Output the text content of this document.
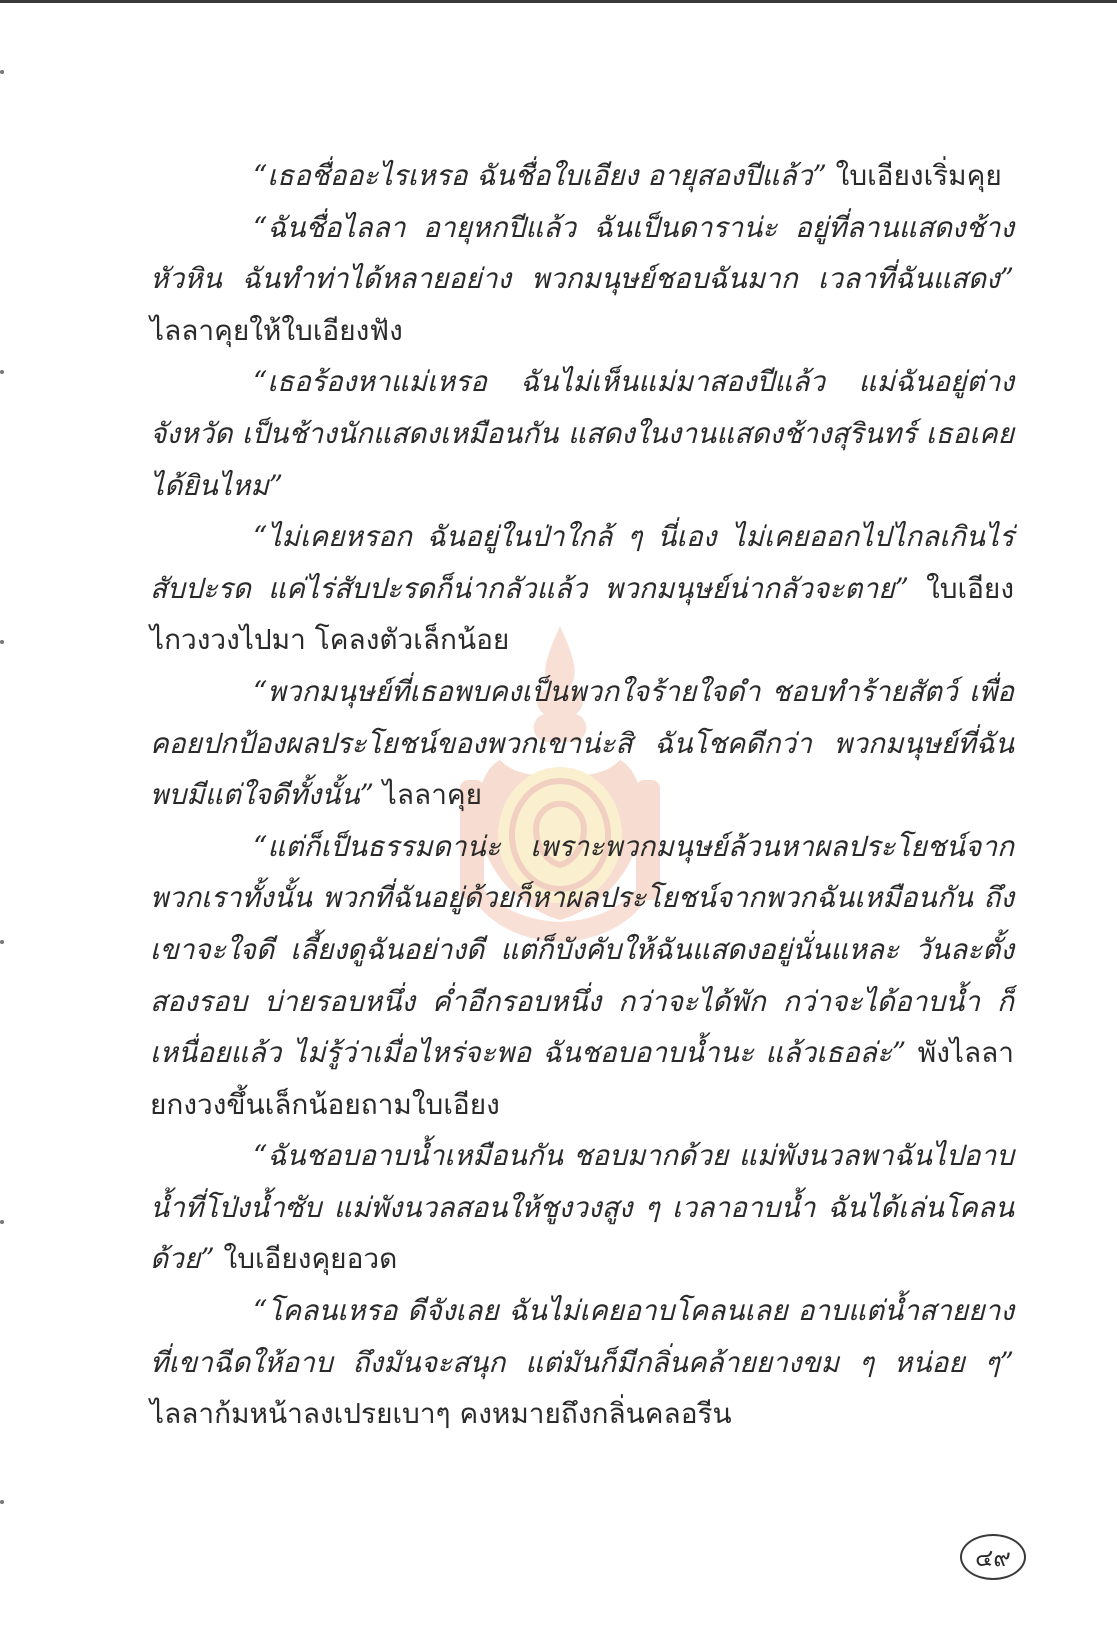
“เธอชื่ออะไรเหรอ ฉันชื่อใบเอียง อายุสองปีแล้ว” ใบเอียงเริ่มคุย

“ฉันชื่อไลลา อายุหกปีแล้ว ฉันเป็นดาราน่ะ อยู่ที่ลานแสดงช้างหัวหิน ฉันทำท่าได้หลายอย่าง พวกมนุษย์ชอบฉันมาก เวลาที่ฉันแสดง” ไลลาคุยให้ใบเอียงฟัง

“เธอร้องหาแม่เหรอ ฉันไม่เห็นแม่มาสองปีแล้ว แม่ฉันอยู่ต่างจังหวัด เป็นช้างนักแสดงเหมือนกัน แสดงในงานแสดงช้างสุรินทร์ เธอเคยได้ยินไหม”

“ไม่เคยหรอก ฉันอยู่ในป่าใกล้ ๆ นี่เอง ไม่เคยออกไปไกลเกินไร่สับปะรด แค่ไร่สับปะรดก็น่ากลัวแล้ว พวกมนุษย์น่ากลัวจะตาย” ใบเอียงไกวงวงไปมา โคลงตัวเล็กน้อย

“พวกมนุษย์ที่เธอพบคงเป็นพวกใจร้ายใจดำ ชอบทำร้ายสัตว์ เพื่อคอยปกป้องผลประโยชน์ของพวกเขาน่ะสิ ฉันโชคดีกว่า พวกมนุษย์ที่ฉันพบมีแต่ใจดีทั้งนั้น” ไลลาคุย

“แต่ก็เป็นธรรมดาน่ะ เพราะพวกมนุษย์ล้วนหาผลประโยชน์จากพวกเราทั้งนั้น พวกที่ฉันอยู่ด้วยก็หาผลประโยชน์จากพวกฉันเหมือนกัน ถึงเขาจะใจดี เลี้ยงดูฉันอย่างดี แต่ก็บังคับให้ฉันแสดงอยู่นั่นแหละ วันละตั้งสองรอบ บ่ายรอบหนึ่ง ค่ำอีกรอบหนึ่ง กว่าจะได้พัก กว่าจะได้อาบน้ำ ก็เหนื่อยแล้ว ไม่รู้ว่าเมื่อไหร่จะพอ ฉันชอบอาบน้ำนะ แล้วเธอล่ะ” พังไลลายกงวงขึ้นเล็กน้อยถามใบเอียง

“ฉันชอบอาบน้ำเหมือนกัน ชอบมากด้วย แม่พังนวลพาฉันไปอาบน้ำที่โป่งน้ำซับ แม่พังนวลสอนให้ชูงวงสูง ๆ เวลาอาบน้ำ ฉันได้เล่นโคลนด้วย” ใบเอียงคุยอวด

“โคลนเหรอ ดีจังเลย ฉันไม่เคยอาบโคลนเลย อาบแต่น้ำสายยางที่เขาฉีดให้อาบ ถึงมันจะสนุก แต่มันก็มีกลิ่นคล้ายยางขม ๆ หน่อย ๆ” ไลลาก้มหน้าลงเปรยเบาๆ คงหมายถึงกลิ่นคลอรีน

๔๙
